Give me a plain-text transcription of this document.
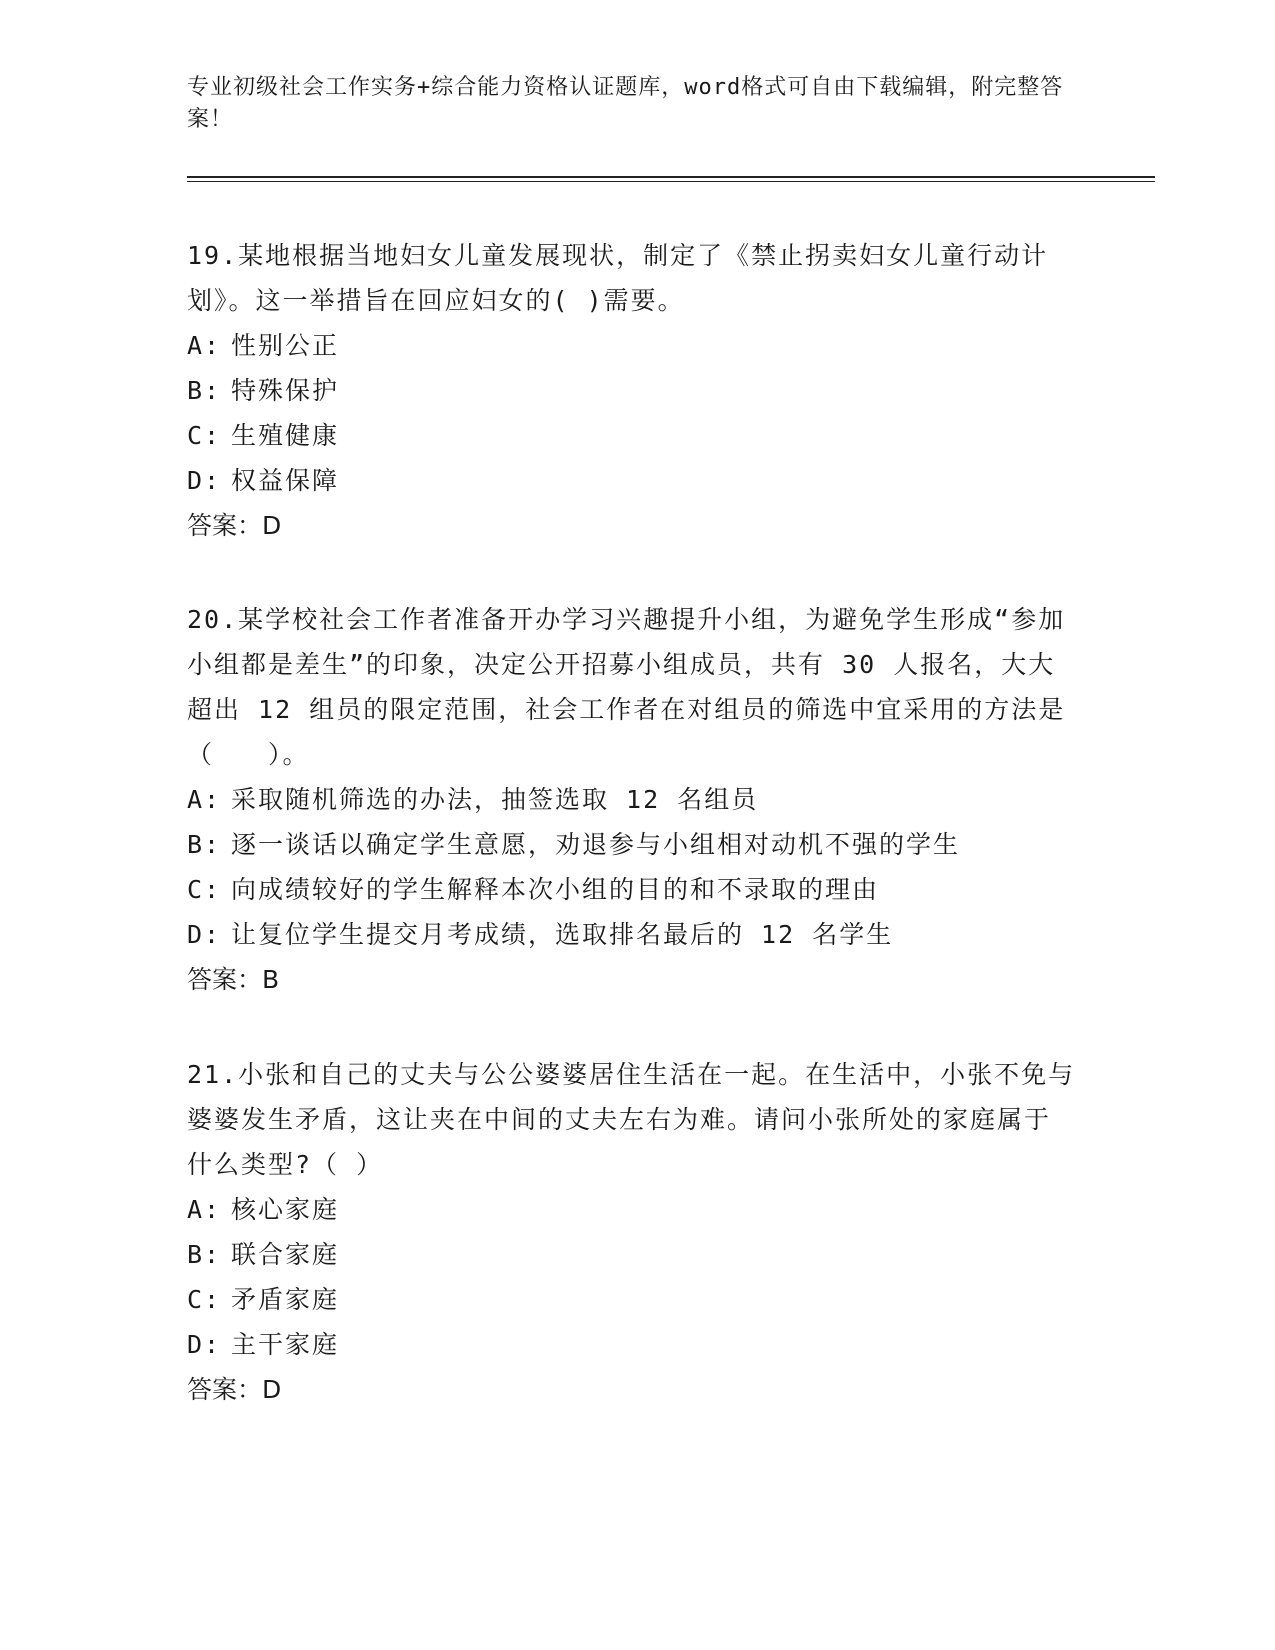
专业初级社会工作实务+综合能力资格认证题库，word格式可自由下载编辑，附完整答案！

19.某地根据当地妇女儿童发展现状，制定了《禁止拐卖妇女儿童行动计划》。这一举措旨在回应妇女的( )需要。

A: 性别公正

B: 特殊保护

C: 生殖健康

D: 权益保障

答案：D

20.某学校社会工作者准备开办学习兴趣提升小组，为避免学生形成“参加小组都是差生”的印象，决定公开招募小组成员，共有 30 人报名，大大超出 12 组员的限定范围，社会工作者在对组员的筛选中宜采用的方法是（　　）。

A: 采取随机筛选的办法，抽签选取 12 名组员

B: 逐一谈话以确定学生意愿，劝退参与小组相对动机不强的学生

C: 向成绩较好的学生解释本次小组的目的和不录取的理由

D: 让复位学生提交月考成绩，选取排名最后的 12 名学生

答案：B

21.小张和自己的丈夫与公公婆婆居住生活在一起。在生活中，小张不免与婆婆发生矛盾，这让夹在中间的丈夫左右为难。请问小张所处的家庭属于什么类型?（ ）

A: 核心家庭

B: 联合家庭

C: 矛盾家庭

D: 主干家庭

答案：D
